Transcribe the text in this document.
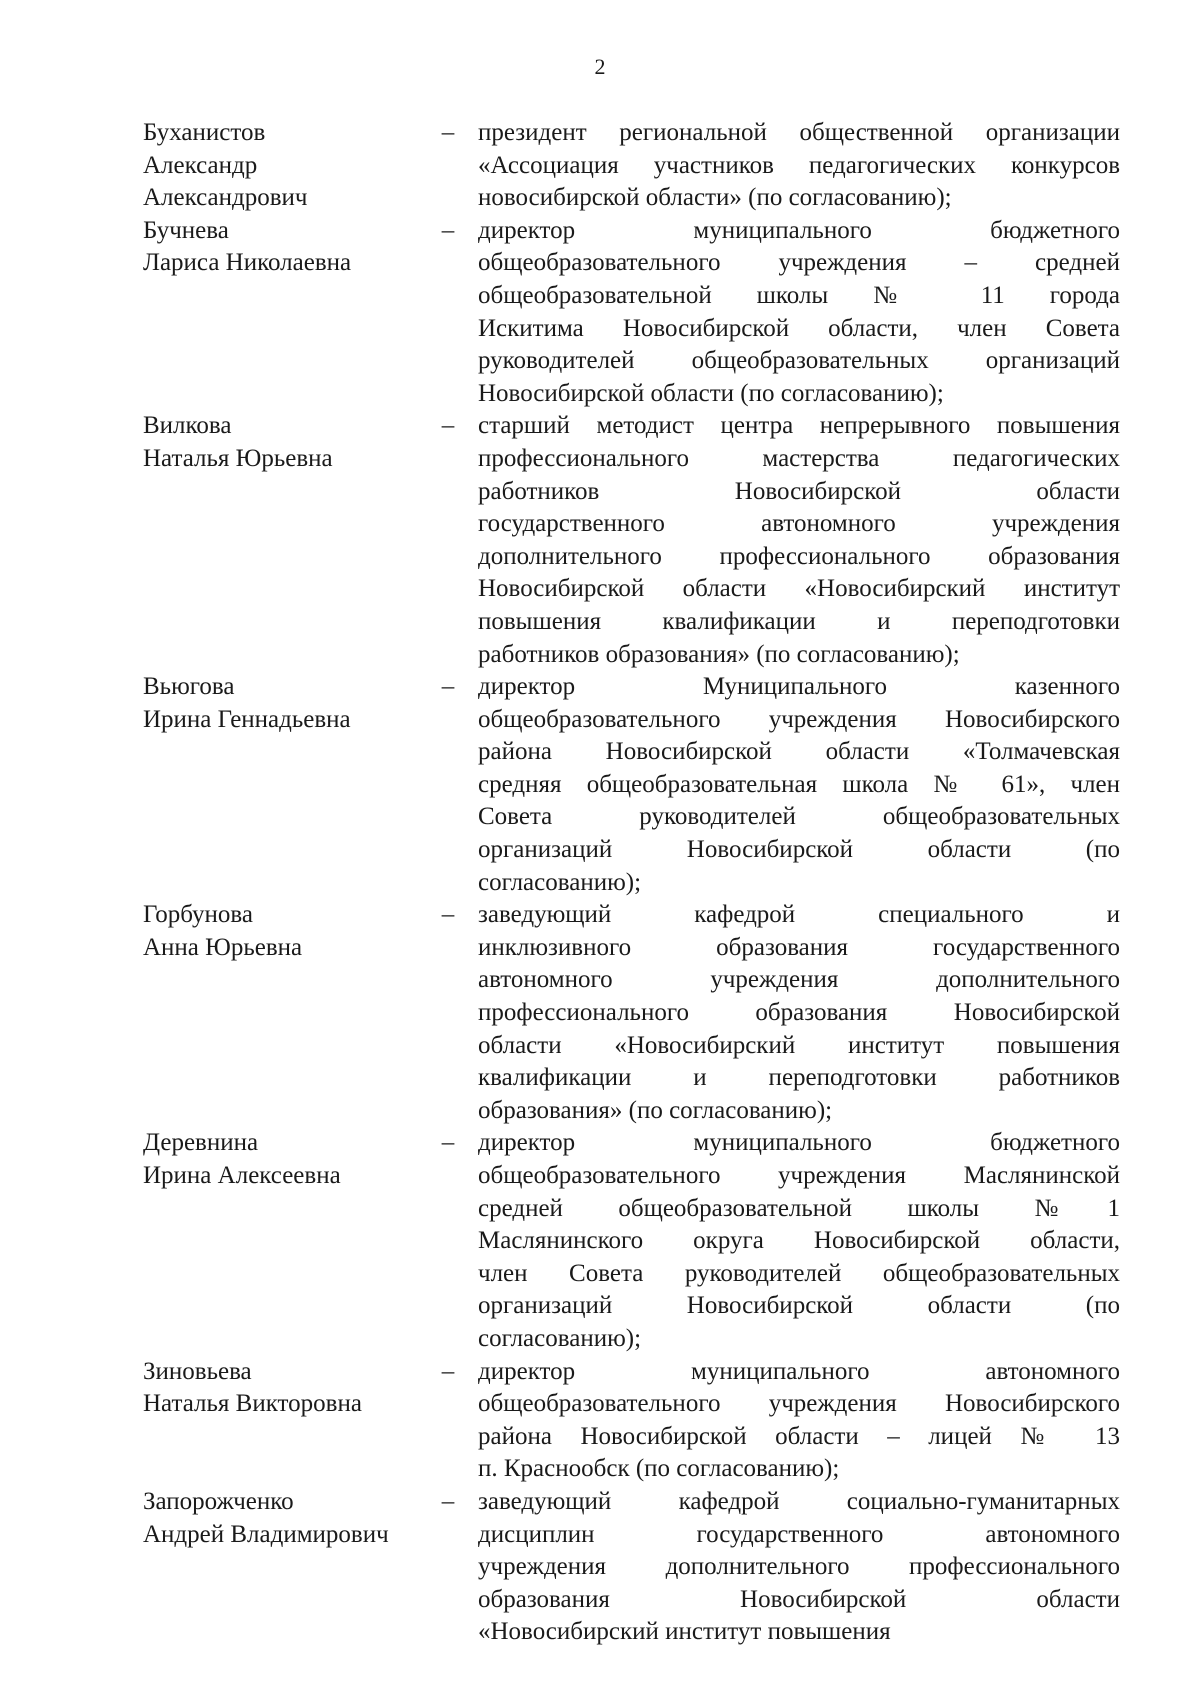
2
Буханистов
Александр
Александрович
– президент региональной общественной организации
«Ассоциация участников педагогических конкурсов
новосибирской области» (по согласованию);
Бучнева
Лариса Николаевна
– директор муниципального бюджетного
общеобразовательного учреждения – средней
общеобразовательной школы № 11 города
Искитима Новосибирской области, член Совета
руководителей общеобразовательных организаций
Новосибирской области (по согласованию);
Вилкова
Наталья Юрьевна
– старший методист центра непрерывного повышения
профессионального мастерства педагогических
работников Новосибирской области
государственного автономного учреждения
дополнительного профессионального образования
Новосибирской области «Новосибирский институт
повышения квалификации и переподготовки
работников образования» (по согласованию);
Вьюгова
Ирина Геннадьевна
– директор Муниципального казенного
общеобразовательного учреждения Новосибирского
района Новосибирской области «Толмачевская
средняя общеобразовательная школа № 61», член
Совета руководителей общеобразовательных
организаций Новосибирской области (по
согласованию);
Горбунова
Анна Юрьевна
– заведующий кафедрой специального и
инклюзивного образования государственного
автономного учреждения дополнительного
профессионального образования Новосибирской
области «Новосибирский институт повышения
квалификации и переподготовки работников
образования» (по согласованию);
Деревнина
Ирина Алексеевна
– директор муниципального бюджетного
общеобразовательного учреждения Маслянинской
средней общеобразовательной школы №1
Маслянинского округа Новосибирской области,
член Совета руководителей общеобразовательных
организаций Новосибирской области (по
согласованию);
Зиновьева
Наталья Викторовна
– директор муниципального автономного
общеобразовательного учреждения Новосибирского
района Новосибирской области – лицей № 13
п. Краснообск (по согласованию);
Запорожченко
Андрей Владимирович
– заведующий кафедрой социально-гуманитарных
дисциплин государственного автономного
учреждения дополнительного профессионального
образования Новосибирской области
«Новосибирский институт повышения
